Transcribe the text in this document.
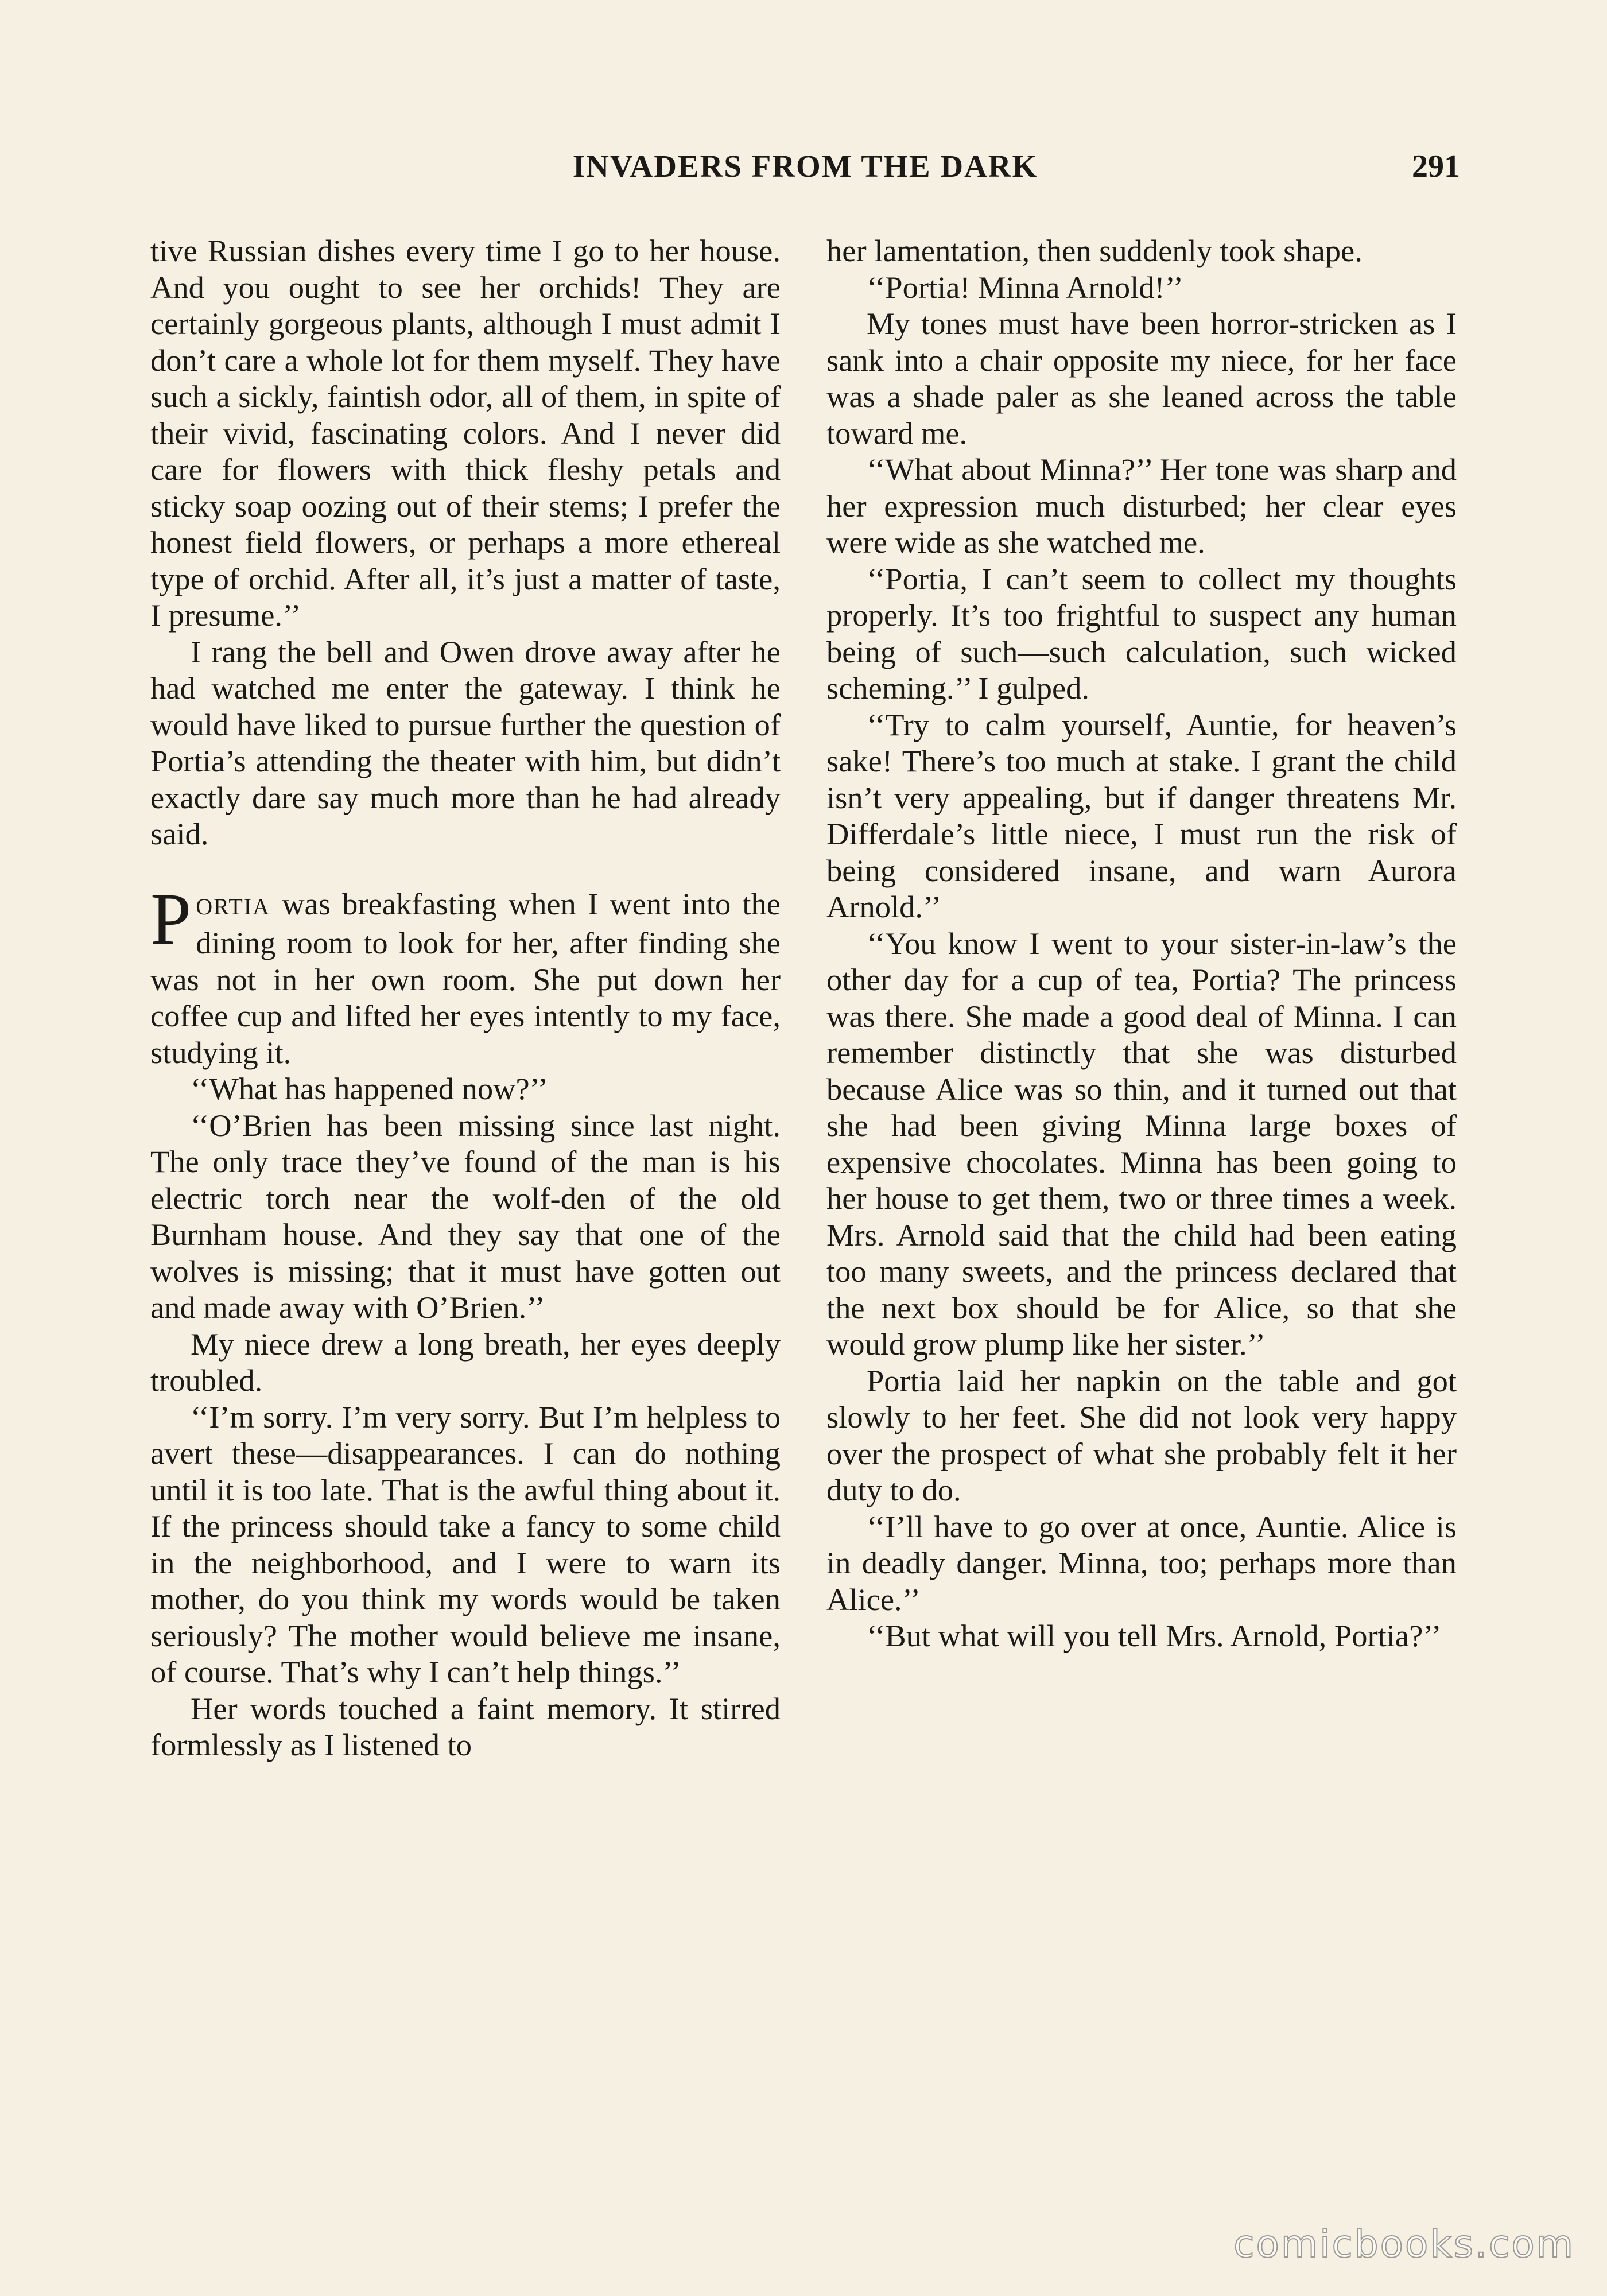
INVADERS FROM THE DARK	291

tive Russian dishes every time I go to her house. And you ought to see her orchids! They are certainly gorgeous plants, although I must admit I don’t care a whole lot for them myself. They have such a sickly, faintish odor, all of them, in spite of their vivid, fascinating colors. And I never did care for flowers with thick fleshy petals and sticky soap oozing out of their stems; I prefer the honest field flowers, or perhaps a more ethereal type of orchid. After all, it’s just a matter of taste, I presume.’’

I rang the bell and Owen drove away after he had watched me enter the gateway. I think he would have liked to pursue further the question of Portia’s attending the theater with him, but didn’t exactly dare say much more than he had already said.

PORTIA was breakfasting when I went into the dining room to look for her, after finding she was not in her own room. She put down her coffee cup and lifted her eyes intently to my face, studying it.

‘‘What has happened now?’’

‘‘O’Brien has been missing since last night. The only trace they’ve found of the man is his electric torch near the wolf-den of the old Burnham house. And they say that one of the wolves is missing; that it must have gotten out and made away with O’Brien.’’

My niece drew a long breath, her eyes deeply troubled.

‘‘I’m sorry. I’m very sorry. But I’m helpless to avert these—disappearances. I can do nothing until it is too late. That is the awful thing about it. If the princess should take a fancy to some child in the neighborhood, and I were to warn its mother, do you think my words would be taken seriously? The mother would believe me insane, of course. That’s why I can’t help things.’’

Her words touched a faint memory. It stirred formlessly as I listened to

her lamentation, then suddenly took shape.

‘‘Portia! Minna Arnold!’’

My tones must have been horror-stricken as I sank into a chair opposite my niece, for her face was a shade paler as she leaned across the table toward me.

‘‘What about Minna?’’ Her tone was sharp and her expression much disturbed; her clear eyes were wide as she watched me.

‘‘Portia, I can’t seem to collect my thoughts properly. It’s too frightful to suspect any human being of such—such calculation, such wicked scheming.’’ I gulped.

‘‘Try to calm yourself, Auntie, for heaven’s sake! There’s too much at stake. I grant the child isn’t very appealing, but if danger threatens Mr. Differdale’s little niece, I must run the risk of being considered insane, and warn Aurora Arnold.’’

‘‘You know I went to your sister-in-law’s the other day for a cup of tea, Portia? The princess was there. She made a good deal of Minna. I can remember distinctly that she was disturbed because Alice was so thin, and it turned out that she had been giving Minna large boxes of expensive chocolates. Minna has been going to her house to get them, two or three times a week. Mrs. Arnold said that the child had been eating too many sweets, and the princess declared that the next box should be for Alice, so that she would grow plump like her sister.’’

Portia laid her napkin on the table and got slowly to her feet. She did not look very happy over the prospect of what she probably felt it her duty to do.

‘‘I’ll have to go over at once, Auntie. Alice is in deadly danger. Minna, too; perhaps more than Alice.’’

‘‘But what will you tell Mrs. Arnold, Portia?’’

comicbooks.com
